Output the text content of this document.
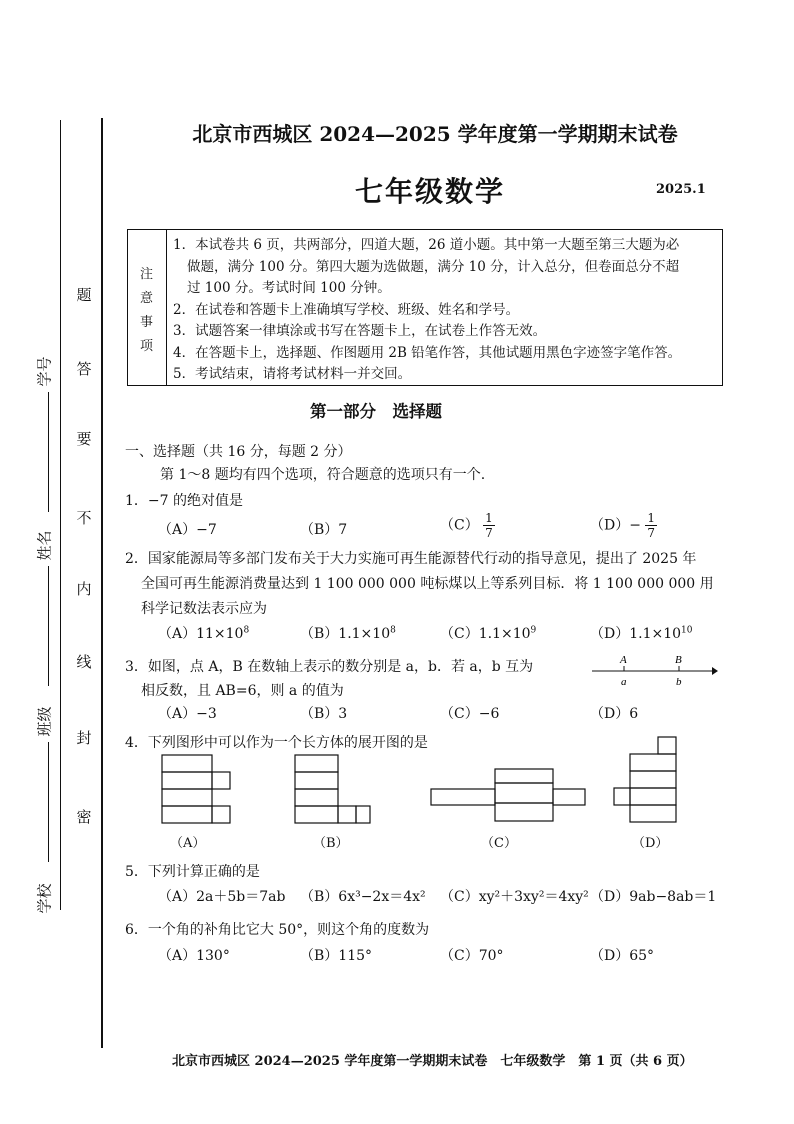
学号
姓名
班级
学校
题
答
要
不
内
线
封
密
北京市西城区 2024—2025 学年度第一学期期末试卷
七年级数学	2025.1
注
意
事
项

1．本试卷共 6 页，共两部分，四道大题，26 道小题。其中第一大题至第三大题为必

做题，满分 100 分。第四大题为选做题，满分 10 分，计入总分，但卷面总分不超

过 100 分。考试时间 100 分钟。

2．在试卷和答题卡上准确填写学校、班级、姓名和学号。

3．试题答案一律填涂或书写在答题卡上，在试卷上作答无效。

4．在答题卡上，选择题、作图题用 2B 铅笔作答，其他试题用黑色字迹签字笔作答。

5．考试结束，请将考试材料一并交回。

第一部分　选择题
一、选择题（共 16 分，每题 2 分）
第 1～8 题均有四个选项，符合题意的选项只有一个.
1．−7 的绝对值是
（A）−7	（B）7	$(C) \frac{1}{7}$	$(D)- \frac{1}{7}$
2．国家能源局等多部门发布关于大力实施可再生能源替代行动的指导意见，提出了 2025 年
全国可再生能源消费量达到 1 100 000 000 吨标煤以上等系列目标．将 1 100 000 000 用
科学记数法表示应为
$(A)11\times 10^8$	$(B)1.1\times 10^8$	$(C)1.1\times 10^9$	$(D)1.1\times 10^{10}$
3．如图，点 A，B 在数轴上表示的数分别是 a，b．若 a，b 互为
相反数，且 AB=6，则 a 的值为
A	B
a	b
（A）−3	（B）3	（C）−6	（D）6
4．下列图形中可以作为一个长方体的展开图的是
（A）	（B）	（C）	（D）
5．下列计算正确的是
（A）2a＋5b＝7ab （B）6x³−2x＝4x² （C）xy²＋3xy²＝4xy² （D）9ab−8ab＝1
6．一个角的补角比它大 50°，则这个角的度数为
（A）130°	（B）115°	（C）70°	（D）65°
北京市西城区 2024—2025 学年度第一学期期末试卷　七年级数学　第 1 页（共 6 页）
